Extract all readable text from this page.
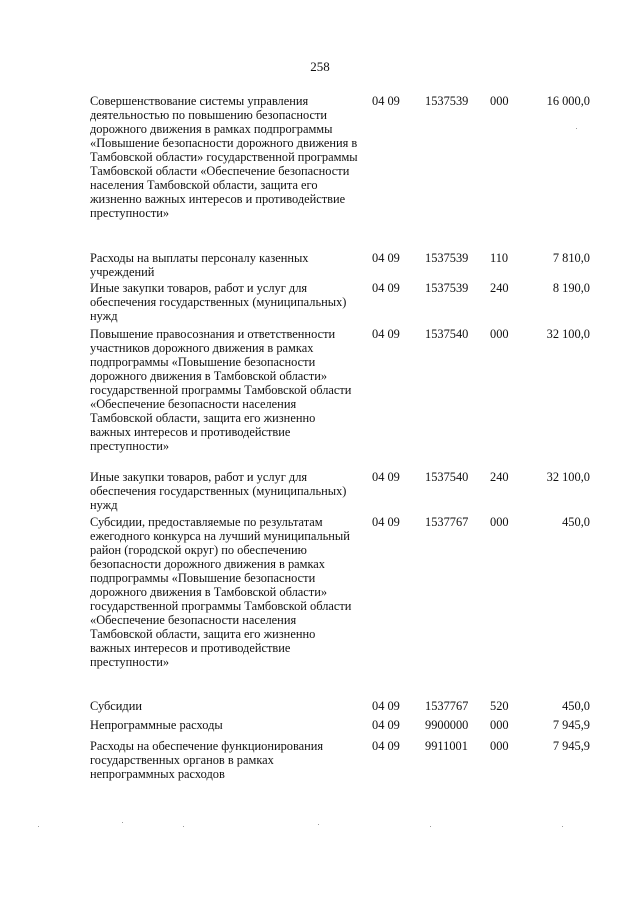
258
Совершенствование системы управления деятельностью по повышению безопасности дорожного движения в рамках подпрограммы «Повышение безопасности дорожного движения в Тамбовской области» государственной программы Тамбовской области «Обеспечение безопасности населения Тамбовской области, защита его жизненно важных интересов и противодействие преступности»
04 09 1537539 000	16 000,0
Расходы на выплаты персоналу казенных учреждений
04 09 1537539 110	7 810,0
Иные закупки товаров, работ и услуг для обеспечения государственных (муниципальных) нужд
04 09 1537539 240	8 190,0
Повышение правосознания и ответственности участников дорожного движения в рамках подпрограммы «Повышение безопасности дорожного движения в Тамбовской области» государственной программы Тамбовской области «Обеспечение безопасности населения Тамбовской области, защита его жизненно важных интересов и противодействие преступности»
04 09 1537540 000	32 100,0
Иные закупки товаров, работ и услуг для обеспечения государственных (муниципальных) нужд
04 09 1537540 240	32 100,0
Субсидии, предоставляемые по результатам ежегодного конкурса на лучший муниципальный район (городской округ) по обеспечению безопасности дорожного движения в рамках подпрограммы «Повышение безопасности дорожного движения в Тамбовской области» государственной программы Тамбовской области «Обеспечение безопасности населения Тамбовской области, защита его жизненно важных интересов и противодействие преступности»
04 09 1537767 000	450,0
Субсидии	04 09 1537767 520	450,0
Непрограммные расходы	04 09 9900000 000	7 945,9
Расходы на обеспечение функционирования государственных органов в рамках непрограммных расходов
04 09 9911001 000	7 945,9
